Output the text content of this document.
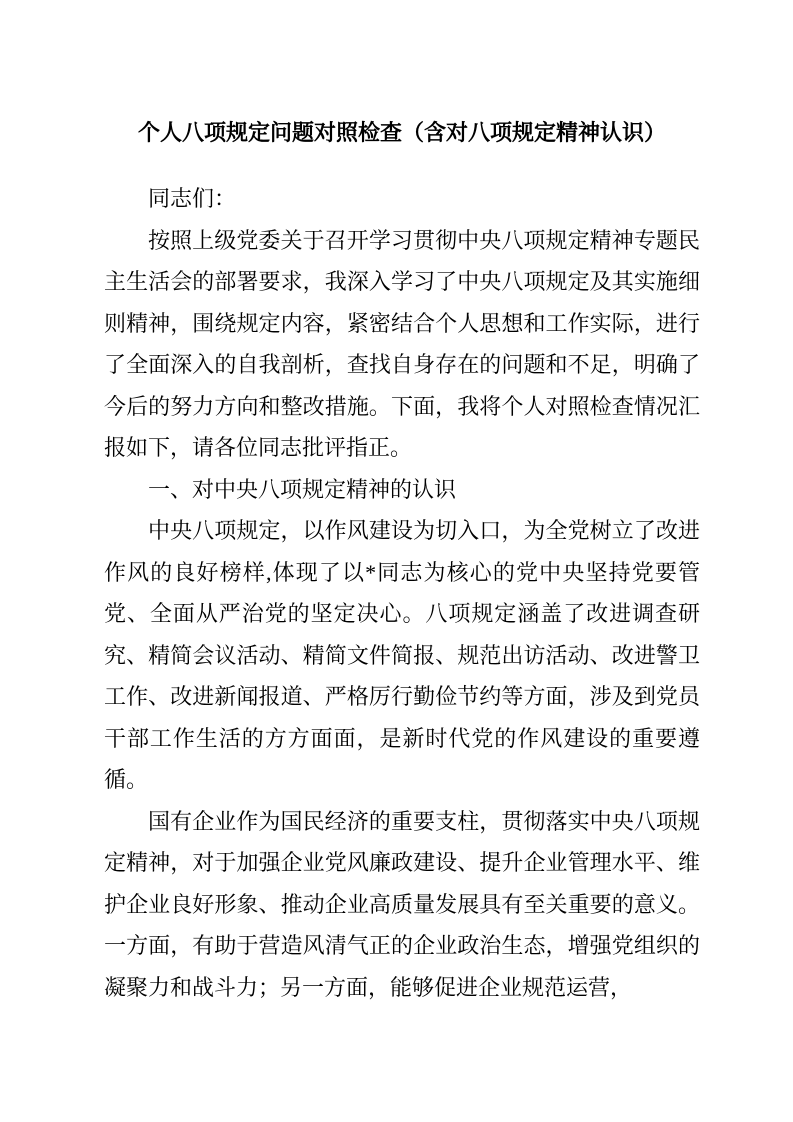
个人八项规定问题对照检查（含对八项规定精神认识）

同志们：

按照上级党委关于召开学习贯彻中央八项规定精神专题民主生活会的部署要求，我深入学习了中央八项规定及其实施细则精神，围绕规定内容，紧密结合个人思想和工作实际，进行了全面深入的自我剖析，查找自身存在的问题和不足，明确了今后的努力方向和整改措施。下面，我将个人对照检查情况汇报如下，请各位同志批评指正。

一、对中央八项规定精神的认识

中央八项规定，以作风建设为切入口，为全党树立了改进作风的良好榜样,体现了以*同志为核心的党中央坚持党要管党、全面从严治党的坚定决心。八项规定涵盖了改进调查研究、精简会议活动、精简文件简报、规范出访活动、改进警卫工作、改进新闻报道、严格厉行勤俭节约等方面，涉及到党员干部工作生活的方方面面，是新时代党的作风建设的重要遵循。

国有企业作为国民经济的重要支柱，贯彻落实中央八项规定精神，对于加强企业党风廉政建设、提升企业管理水平、维护企业良好形象、推动企业高质量发展具有至关重要的意义。一方面，有助于营造风清气正的企业政治生态，增强党组织的凝聚力和战斗力；另一方面，能够促进企业规范运营，
